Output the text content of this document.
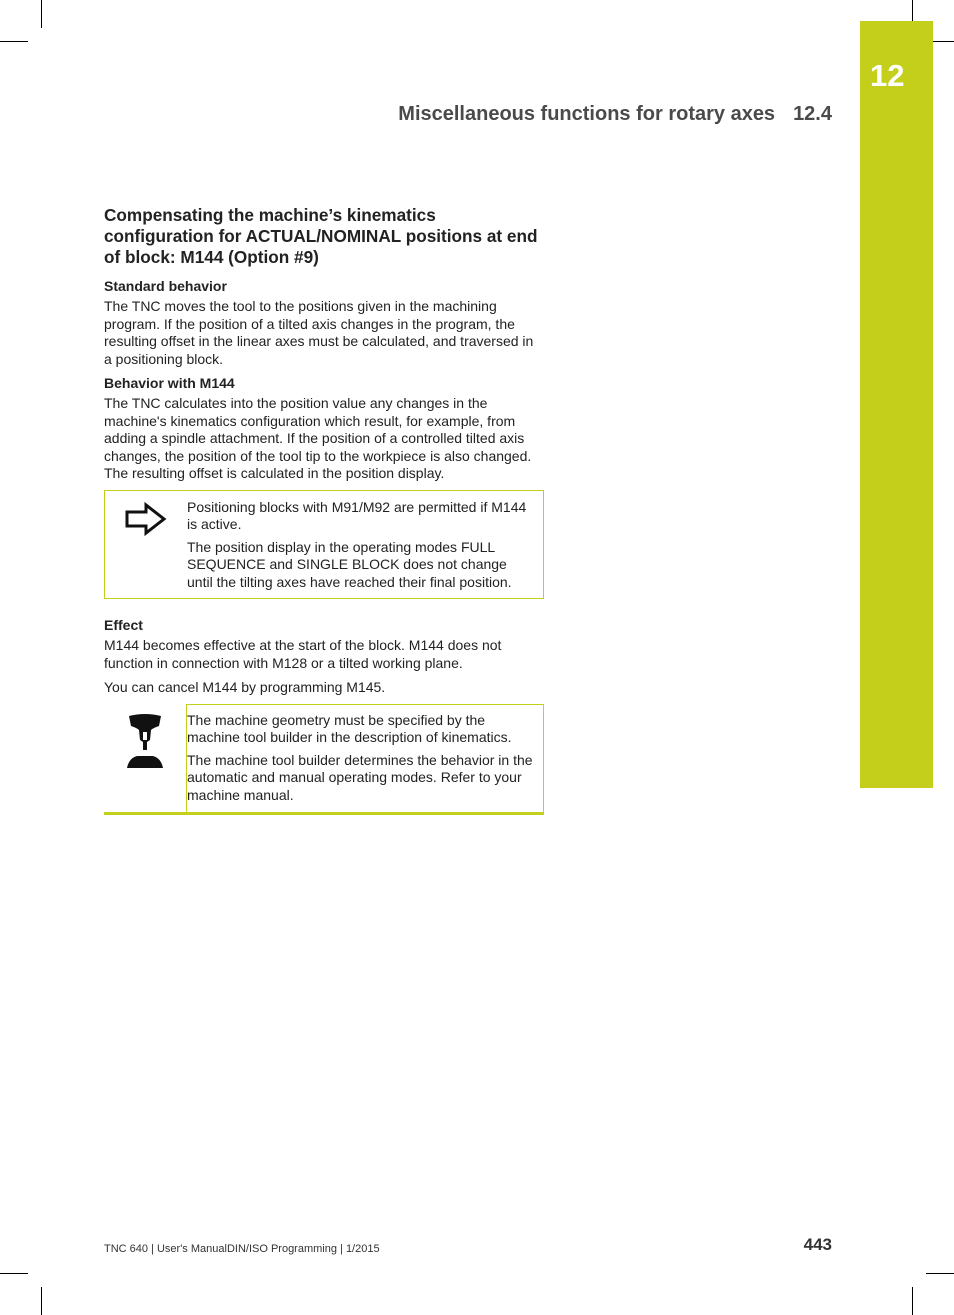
12
Miscellaneous functions for rotary axes 12.4
Compensating the machine’s kinematics configuration for ACTUAL/NOMINAL positions at end of block: M144 (Option #9)
Standard behavior

The TNC moves the tool to the positions given in the machining program. If the position of a tilted axis changes in the program, the resulting offset in the linear axes must be calculated, and traversed in a positioning block.

Behavior with M144

The TNC calculates into the position value any changes in the machine's kinematics configuration which result, for example, from adding a spindle attachment. If the position of a controlled tilted axis changes, the position of the tool tip to the workpiece is also changed. The resulting offset is calculated in the position display.

Positioning blocks with M91/M92 are permitted if M144 is active.

The position display in the operating modes FULL SEQUENCE and SINGLE BLOCK does not change until the tilting axes have reached their final position.

Effect

M144 becomes effective at the start of the block. M144 does not function in connection with M128 or a tilted working plane.

You can cancel M144 by programming M145.

The machine geometry must be specified by the machine tool builder in the description of kinematics.

The machine tool builder determines the behavior in the automatic and manual operating modes. Refer to your machine manual.

TNC 640 | User's ManualDIN/ISO Programming | 1/2015	443
